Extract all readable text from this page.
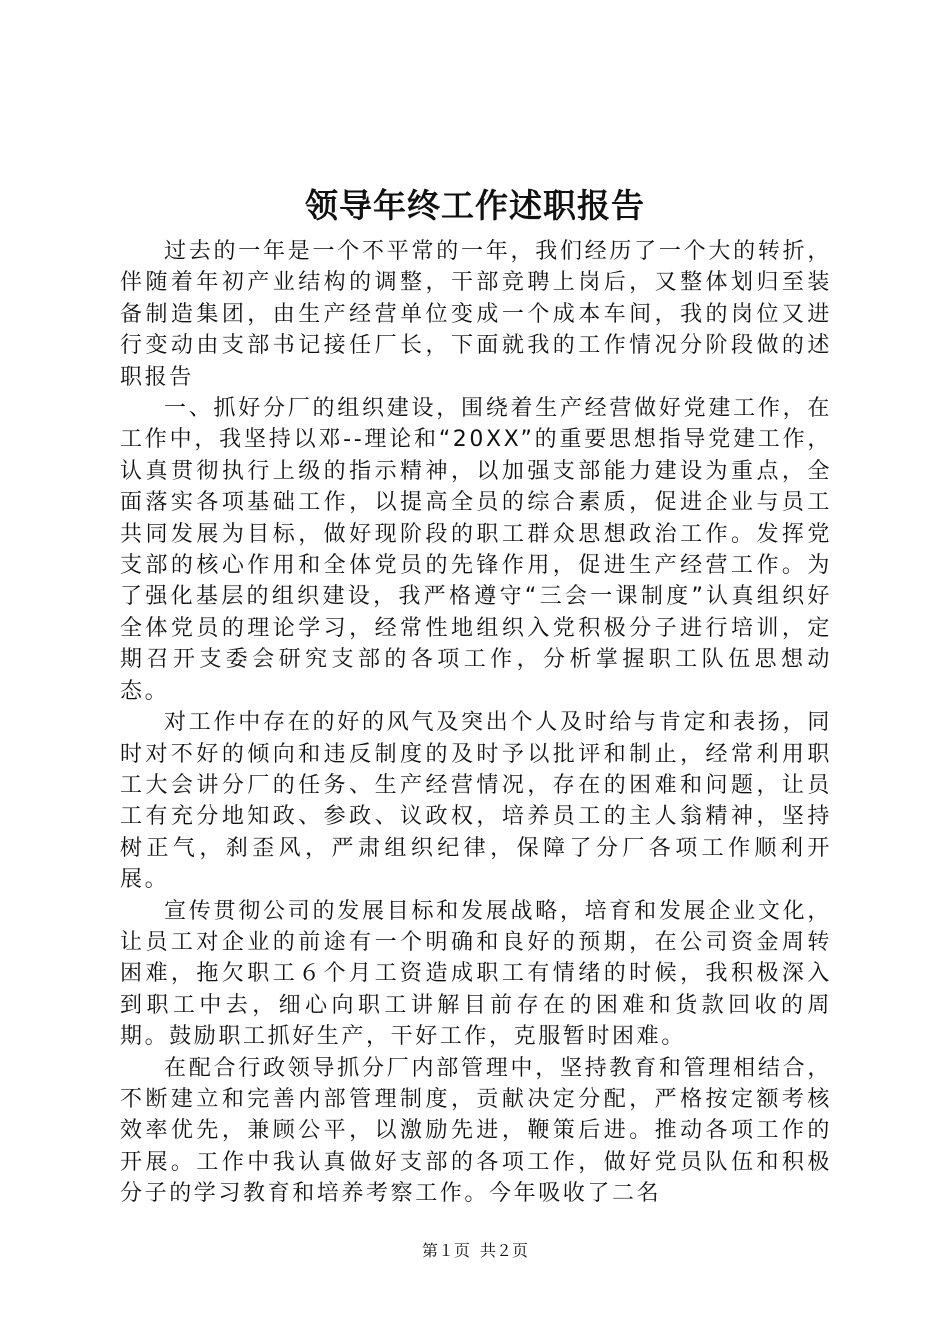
领导年终工作述职报告

过去的一年是一个不平常的一年，我们经历了一个大的转折，伴随着年初产业结构的调整，干部竞聘上岗后，又整体划归至装备制造集团，由生产经营单位变成一个成本车间，我的岗位又进行变动由支部书记接任厂长，下面就我的工作情况分阶段做的述职报告

一、抓好分厂的组织建设，围绕着生产经营做好党建工作，在工作中，我坚持以邓--理论和“20XX”的重要思想指导党建工作，认真贯彻执行上级的指示精神，以加强支部能力建设为重点，全面落实各项基础工作，以提高全员的综合素质，促进企业与员工共同发展为目标，做好现阶段的职工群众思想政治工作。发挥党支部的核心作用和全体党员的先锋作用，促进生产经营工作。为了强化基层的组织建设，我严格遵守“三会一课制度”认真组织好全体党员的理论学习，经常性地组织入党积极分子进行培训，定期召开支委会研究支部的各项工作，分析掌握职工队伍思想动态。

对工作中存在的好的风气及突出个人及时给与肯定和表扬，同时对不好的倾向和违反制度的及时予以批评和制止，经常利用职工大会讲分厂的任务、生产经营情况，存在的困难和问题，让员工有充分地知政、参政、议政权，培养员工的主人翁精神，坚持树正气，刹歪风，严肃组织纪律，保障了分厂各项工作顺利开展。

宣传贯彻公司的发展目标和发展战略，培育和发展企业文化，让员工对企业的前途有一个明确和良好的预期，在公司资金周转困难，拖欠职工６个月工资造成职工有情绪的时候，我积极深入到职工中去，细心向职工讲解目前存在的困难和货款回收的周期。鼓励职工抓好生产，干好工作，克服暂时困难。

在配合行政领导抓分厂内部管理中，坚持教育和管理相结合，不断建立和完善内部管理制度，贡献决定分配，严格按定额考核效率优先，兼顾公平，以激励先进，鞭策后进。推动各项工作的开展。工作中我认真做好支部的各项工作，做好党员队伍和积极分子的学习教育和培养考察工作。今年吸收了二名

第１页 共２页
